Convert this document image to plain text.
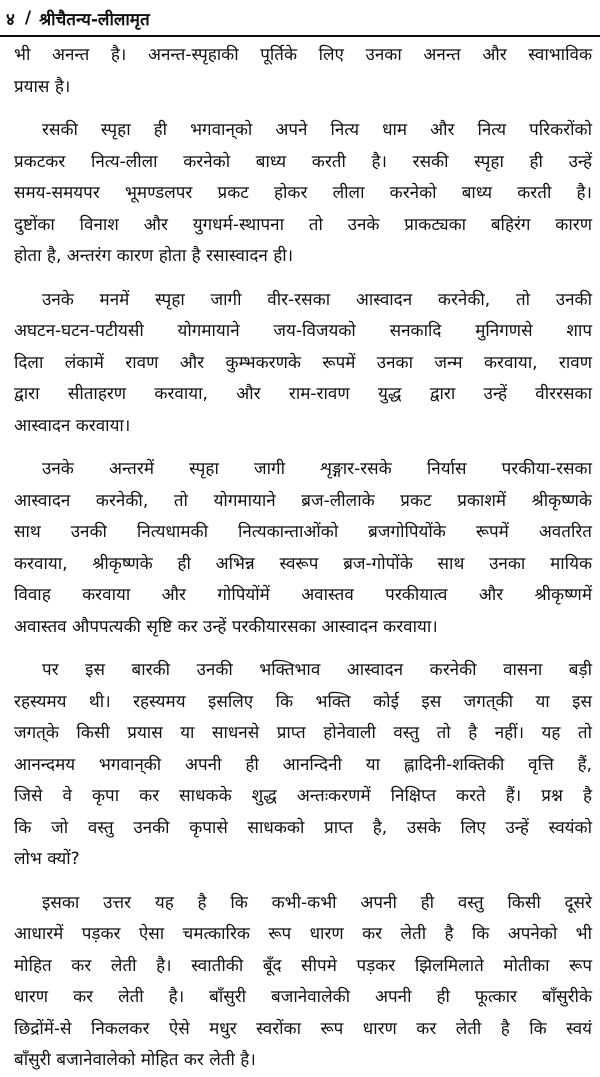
४ / श्रीचैतन्य-लीलामृत
भी अनन्त है। अनन्त-स्पृहाकी पूर्तिके लिए उनका अनन्त और स्वाभाविक
प्रयास है।
रसकी स्पृहा ही भगवान्‌को अपने नित्य धाम और नित्य परिकरोंको
प्रकटकर नित्य-लीला करनेको बाध्य करती है। रसकी स्पृहा ही उन्हें
समय-समयपर भूमण्डलपर प्रकट होकर लीला करनेको बाध्य करती है।
दुष्टोंका विनाश और युगधर्म-स्थापना तो उनके प्राकट्यका बहिरंग कारण
होता है, अन्तरंग कारण होता है रसास्वादन ही।
उनके मनमें स्पृहा जागी वीर-रसका आस्वादन करनेकी, तो उनकी
अघटन-घटन-पटीयसी योगमायाने जय-विजयको सनकादि मुनिगणसे शाप
दिला लंकामें रावण और कुम्भकरणके रूपमें उनका जन्म करवाया, रावण
द्वारा सीताहरण करवाया, और राम-रावण युद्ध द्वारा उन्हें वीररसका
आस्वादन करवाया।
उनके अन्तरमें स्पृहा जागी शृङ्गार-रसके निर्यास परकीया-रसका
आस्वादन करनेकी, तो योगमायाने ब्रज-लीलाके प्रकट प्रकाशमें श्रीकृष्णके
साथ उनकी नित्यधामकी नित्यकान्ताओंको ब्रजगोपियोंके रूपमें अवतरित
करवाया, श्रीकृष्णके ही अभिन्न स्वरूप ब्रज-गोपोंके साथ उनका मायिक
विवाह करवाया और गोपियोंमें अवास्तव परकीयात्व और श्रीकृष्णमें
अवास्तव औपपत्यकी सृष्टि कर उन्हें परकीयारसका आस्वादन करवाया।
पर इस बारकी उनकी भक्तिभाव आस्वादन करनेकी वासना बड़ी
रहस्यमय थी। रहस्यमय इसलिए कि भक्ति कोई इस जगत्‌की या इस
जगत्‌के किसी प्रयास या साधनसे प्राप्त होनेवाली वस्तु तो है नहीं। यह तो
आनन्दमय भगवान्‌की अपनी ही आनन्दिनी या ह्लादिनी-शक्तिकी वृत्ति हैं,
जिसे वे कृपा कर साधकके शुद्ध अन्तःकरणमें निक्षिप्त करते हैं। प्रश्न है
कि जो वस्तु उनकी कृपासे साधकको प्राप्त है, उसके लिए उन्हें स्वयंको
लोभ क्यों?
इसका उत्तर यह है कि कभी-कभी अपनी ही वस्तु किसी दूसरे
आधारमें पड़कर ऐसा चमत्कारिक रूप धारण कर लेती है कि अपनेको भी
मोहित कर लेती है। स्वातीकी बूँद सीपमे पड़कर झिलमिलाते मोतीका रूप
धारण कर लेती है। बाँसुरी बजानेवालेकी अपनी ही फूत्कार बाँसुरीके
छिद्रोंमें-से निकलकर ऐसे मधुर स्वरोंका रूप धारण कर लेती है कि स्वयं
बाँसुरी बजानेवालेको मोहित कर लेती है।
